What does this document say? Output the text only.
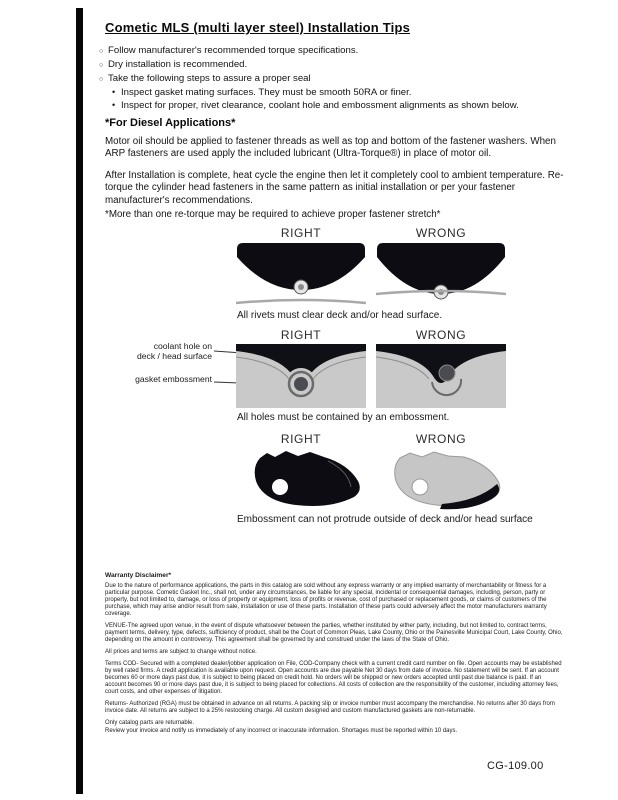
Cometic MLS (multi layer steel) Installation Tips
○ Follow manufacturer's recommended torque specifications.
○ Dry installation is recommended.
○ Take the following steps to assure a proper seal
• Inspect gasket mating surfaces. They must be smooth 50RA or finer.
• Inspect for proper, rivet clearance, coolant hole and embossment alignments as shown below.
*For Diesel Applications*

Motor oil should be applied to fastener threads as well as top and bottom of the fastener washers. When ARP fasteners are used apply the included lubricant (Ultra-Torque®) in place of motor oil.

After Installation is complete, heat cycle the engine then let it completely cool to ambient temperature. Re-torque the cylinder head fasteners in the same pattern as initial installation or per your fastener manufacturer's recommendations.

*More than one re-torque may be required to achieve proper fastener stretch*

RIGHT	WRONG

All rivets must clear deck and/or head surface.

RIGHT	WRONG
coolant hole on
deck / head surface
gasket embossment

All holes must be contained by an embossment.

RIGHT	WRONG

Embossment can not protrude outside of deck and/or head surface

Warranty Disclaimer*

Due to the nature of performance applications, the parts in this catalog are sold without any express warranty or any implied warranty of merchantability or fitness for a particular purpose. Cometic Gasket Inc., shall not, under any circumstances, be liable for any special, incidental or consequential damages, including, person, party or property, but not limited to, damage, or loss of property or equipment, loss of profits or revenue, cost of purchased or replacement goods, or claims of customers of the purchase, which may arise and/or result from sale, installation or use of these parts. Installation of these parts could adversely affect the motor manufacturers warranty coverage.

VENUE-The agreed upon venue, in the event of dispute whatsoever between the parties, whether instituted by either party, including, but not limited to, contract terms, payment terms, delivery, type, defects, sufficiency of product, shall be the Court of Common Pleas, Lake County, Ohio or the Painesville Municipal Court, Lake County, Ohio, depending on the amount in controversy. This agreement shall be governed by and construed under the laws of the State of Ohio.

All prices and terms are subject to change without notice.

Terms COD- Secured with a completed dealer/jobber application on File, COD-Company check with a current credit card number on file. Open accounts may be established by well rated firms. A credit application is available upon request. Open accounts are due payable Net 30 days from date of invoice. No statement will be sent. If an account becomes 60 or more days past due, it is subject to being placed on credit hold. No orders will be shipped or new orders accepted until past due balance is paid. If an account becomes 90 or more days past due, it is subject to being placed for collections. All costs of collection are the responsibility of the customer, including attorney fees, court costs, and other expenses of litigation.

Returns- Authorized (RGA) must be obtained in advance on all returns. A packing slip or invoice number must accompany the merchandise. No returns after 30 days from invoice date. All returns are subject to a 25% restocking charge. All custom designed and custom manufactured gaskets are non-returnable.

Only catalog parts are returnable.

Review your invoice and notify us immediately of any incorrect or inaccurate information. Shortages must be reported within 10 days.

CG-109.00
